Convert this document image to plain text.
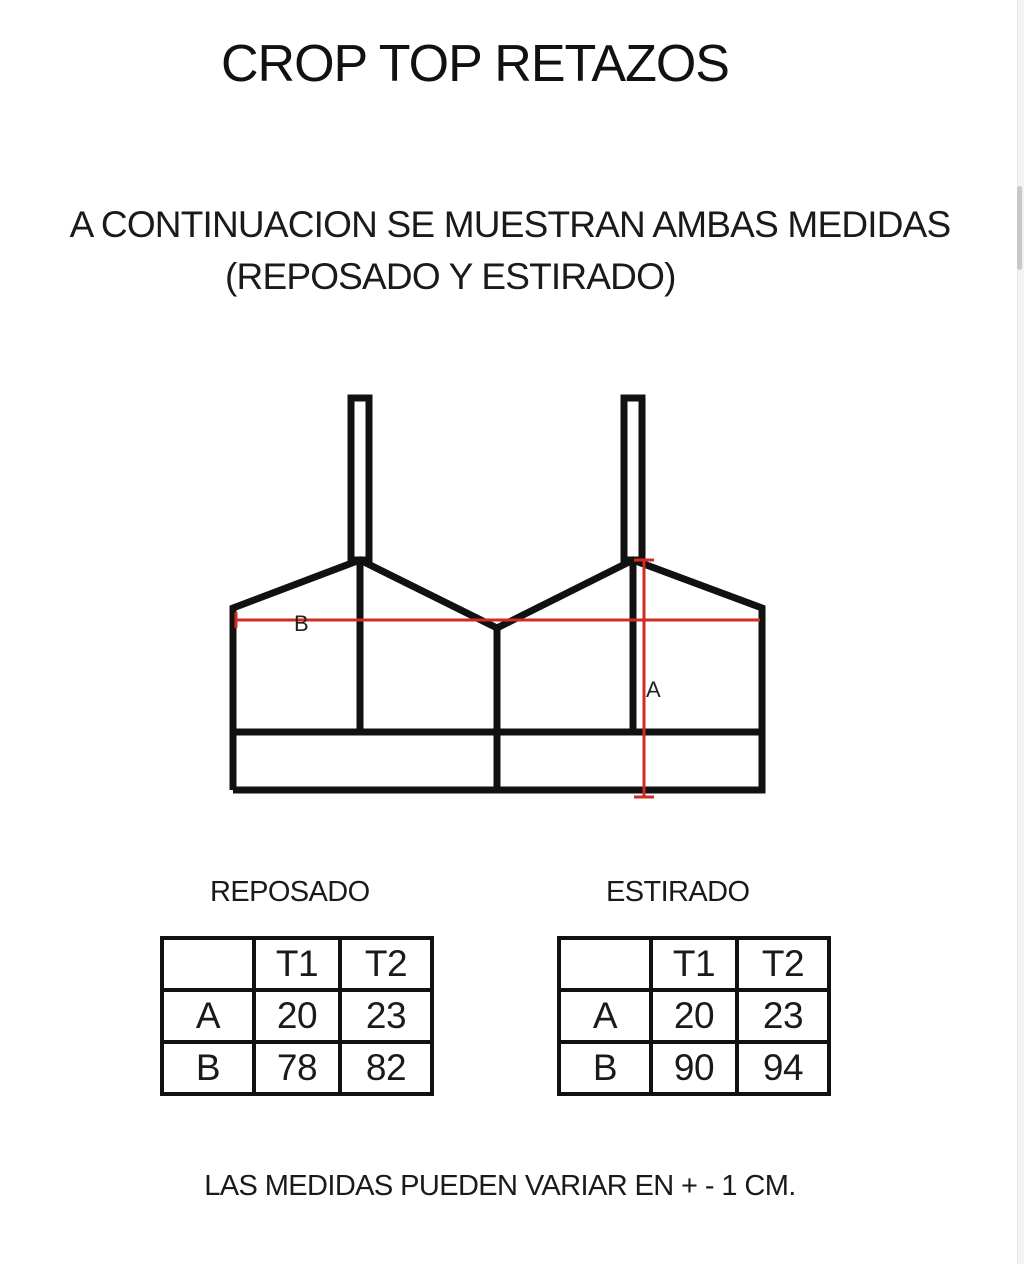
CROP TOP RETAZOS
A CONTINUACION SE MUESTRAN AMBAS MEDIDAS
(REPOSADO Y ESTIRADO)
B
A
REPOSADO	ESTIRADO
	T1	T2
A	20	23
B	78	82
	T1	T2
A	20	23
B	90	94
LAS MEDIDAS PUEDEN VARIAR EN + - 1 CM.
